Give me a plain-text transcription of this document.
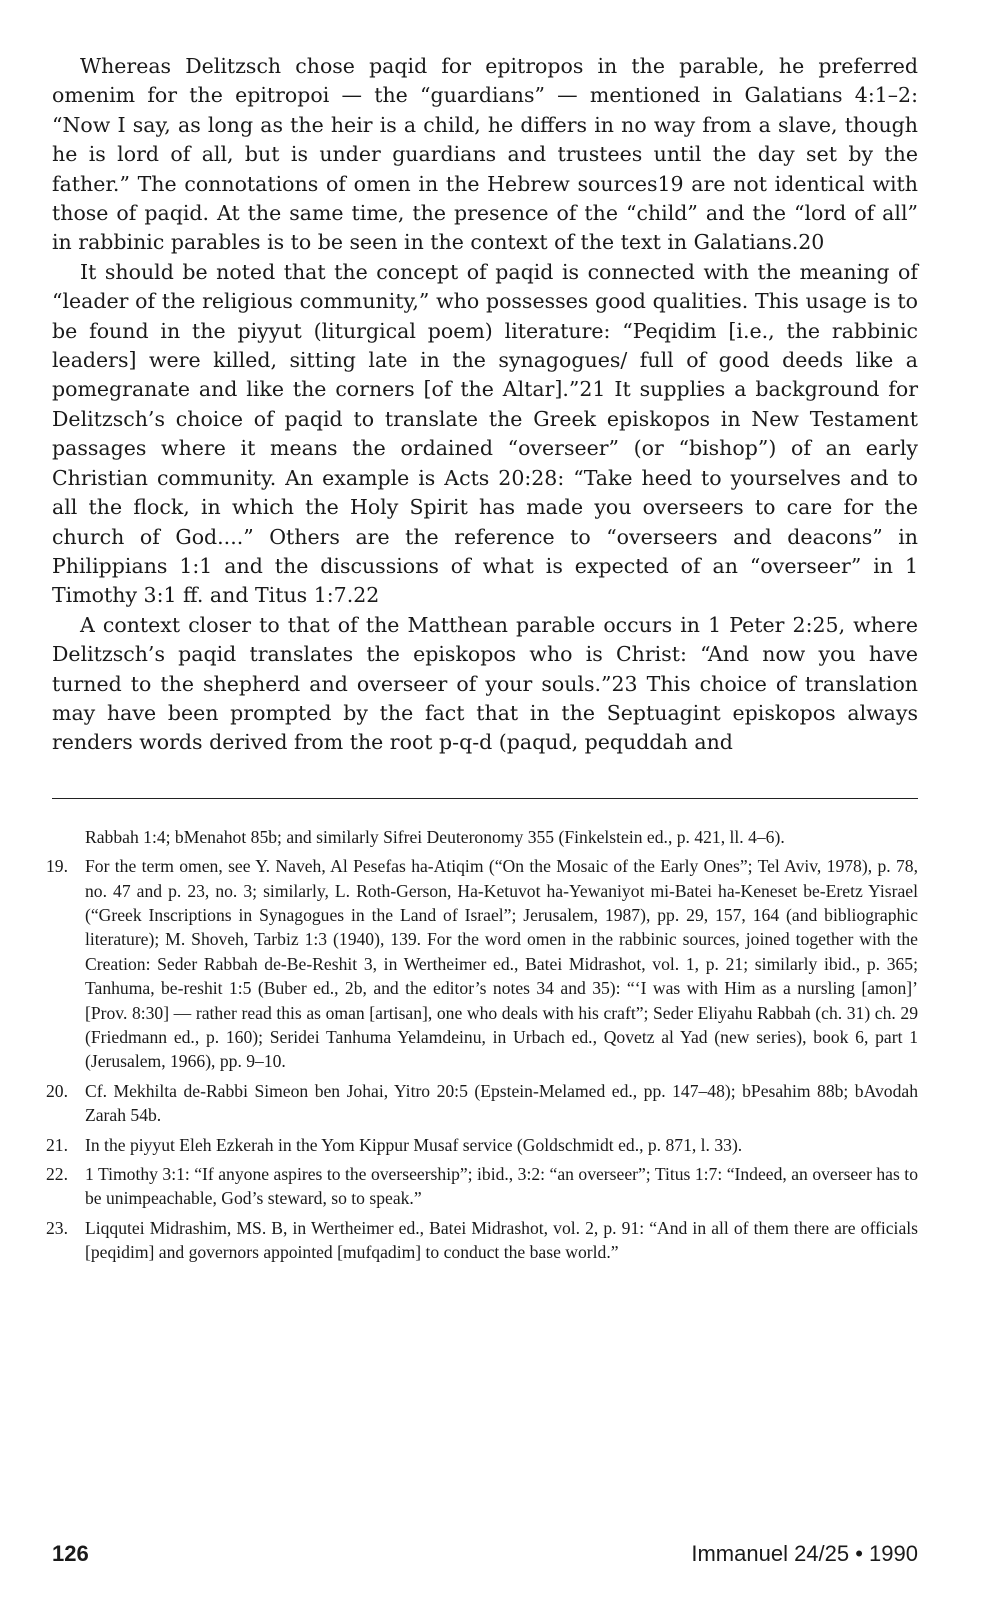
Whereas Delitzsch chose paqid for epitropos in the parable, he preferred omenim for the epitropoi — the “guardians” — mentioned in Galatians 4:1–2: “Now I say, as long as the heir is a child, he differs in no way from a slave, though he is lord of all, but is under guardians and trustees until the day set by the father.” The connotations of omen in the Hebrew sources19 are not identical with those of paqid. At the same time, the presence of the “child” and the “lord of all” in rabbinic parables is to be seen in the context of the text in Galatians.20

It should be noted that the concept of paqid is connected with the meaning of “leader of the religious community,” who possesses good qualities. This usage is to be found in the piyyut (liturgical poem) literature: “Peqidim [i.e., the rabbinic leaders] were killed, sitting late in the synagogues/ full of good deeds like a pomegranate and like the corners [of the Altar].”21 It supplies a background for Delitzsch’s choice of paqid to translate the Greek episkopos in New Testament passages where it means the ordained “overseer” (or “bishop”) of an early Christian community. An example is Acts 20:28: “Take heed to yourselves and to all the flock, in which the Holy Spirit has made you overseers to care for the church of God....” Others are the reference to “overseers and deacons” in Philippians 1:1 and the discussions of what is expected of an “overseer” in 1 Timothy 3:1 ff. and Titus 1:7.22

A context closer to that of the Matthean parable occurs in 1 Peter 2:25, where Delitzsch’s paqid translates the episkopos who is Christ: “And now you have turned to the shepherd and overseer of your souls.”23 This choice of translation may have been prompted by the fact that in the Septuagint episkopos always renders words derived from the root p-q-d (paqud, pequddah and

Rabbah 1:4; bMenahot 85b; and similarly Sifrei Deuteronomy 355 (Finkelstein ed., p. 421, ll. 4–6).
19. For the term omen, see Y. Naveh, Al Pesefas ha-Atiqim (“On the Mosaic of the Early Ones”; Tel Aviv, 1978), p. 78, no. 47 and p. 23, no. 3; similarly, L. Roth-Gerson, Ha-Ketuvot ha-Yewaniyot mi-Batei ha-Keneset be-Eretz Yisrael (“Greek Inscriptions in Synagogues in the Land of Israel”; Jerusalem, 1987), pp. 29, 157, 164 (and bibliographic literature); M. Shoveh, Tarbiz 1:3 (1940), 139. For the word omen in the rabbinic sources, joined together with the Creation: Seder Rabbah de-Be-Reshit 3, in Wertheimer ed., Batei Midrashot, vol. 1, p. 21; similarly ibid., p. 365; Tanhuma, be-reshit 1:5 (Buber ed., 2b, and the editor’s notes 34 and 35): “‘I was with Him as a nursling [amon]’ [Prov. 8:30] — rather read this as oman [artisan], one who deals with his craft”; Seder Eliyahu Rabbah (ch. 31) ch. 29 (Friedmann ed., p. 160); Seridei Tanhuma Yelamdeinu, in Urbach ed., Qovetz al Yad (new series), book 6, part 1 (Jerusalem, 1966), pp. 9–10.
20. Cf. Mekhilta de-Rabbi Simeon ben Johai, Yitro 20:5 (Epstein-Melamed ed., pp. 147–48); bPesahim 88b; bAvodah Zarah 54b.
21. In the piyyut Eleh Ezkerah in the Yom Kippur Musaf service (Goldschmidt ed., p. 871, l. 33).
22. 1 Timothy 3:1: “If anyone aspires to the overseership”; ibid., 3:2: “an overseer”; Titus 1:7: “Indeed, an overseer has to be unimpeachable, God’s steward, so to speak.”
23. Liqqutei Midrashim, MS. B, in Wertheimer ed., Batei Midrashot, vol. 2, p. 91: “And in all of them there are officials [peqidim] and governors appointed [mufqadim] to conduct the base world.”
126	Immanuel 24/25 • 1990
